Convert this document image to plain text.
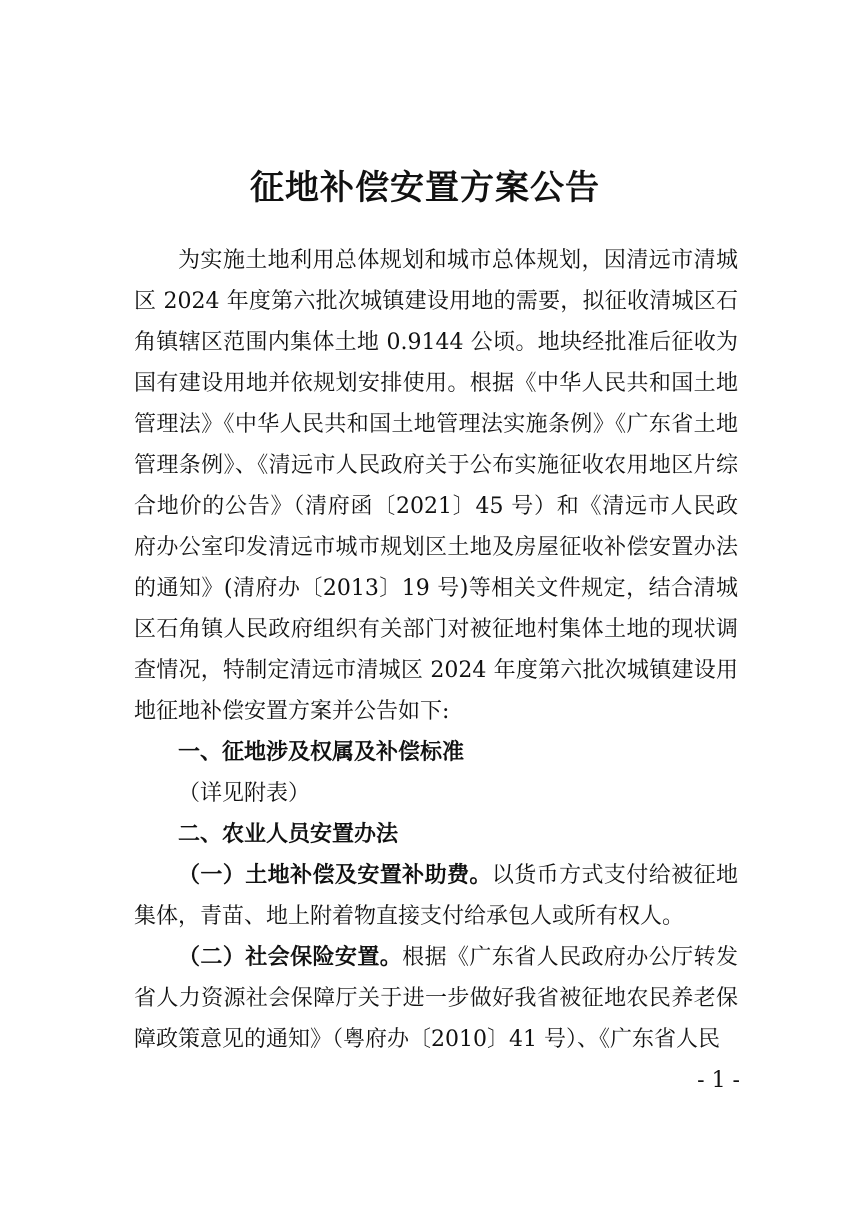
征地补偿安置方案公告

为实施土地利用总体规划和城市总体规划，因清远市清城区 2024 年度第六批次城镇建设用地的需要，拟征收清城区石角镇辖区范围内集体土地 0.9144 公顷。地块经批准后征收为国有建设用地并依规划安排使用。根据《中华人民共和国土地管理法》《中华人民共和国土地管理法实施条例》《广东省土地管理条例》、《清远市人民政府关于公布实施征收农用地区片综合地价的公告》（清府函〔2021〕45 号）和《清远市人民政府办公室印发清远市城市规划区土地及房屋征收补偿安置办法的通知》(清府办〔2013〕19 号)等相关文件规定，结合清城区石角镇人民政府组织有关部门对被征地村集体土地的现状调查情况，特制定清远市清城区 2024 年度第六批次城镇建设用地征地补偿安置方案并公告如下:

一、征地涉及权属及补偿标准

（详见附表）

二、农业人员安置办法

（一）土地补偿及安置补助费。以货币方式支付给被征地集体，青苗、地上附着物直接支付给承包人或所有权人。

（二）社会保险安置。根据《广东省人民政府办公厅转发省人力资源社会保障厅关于进一步做好我省被征地农民养老保障政策意见的通知》（粤府办〔2010〕41 号）、《广东省人民

- 1 -
